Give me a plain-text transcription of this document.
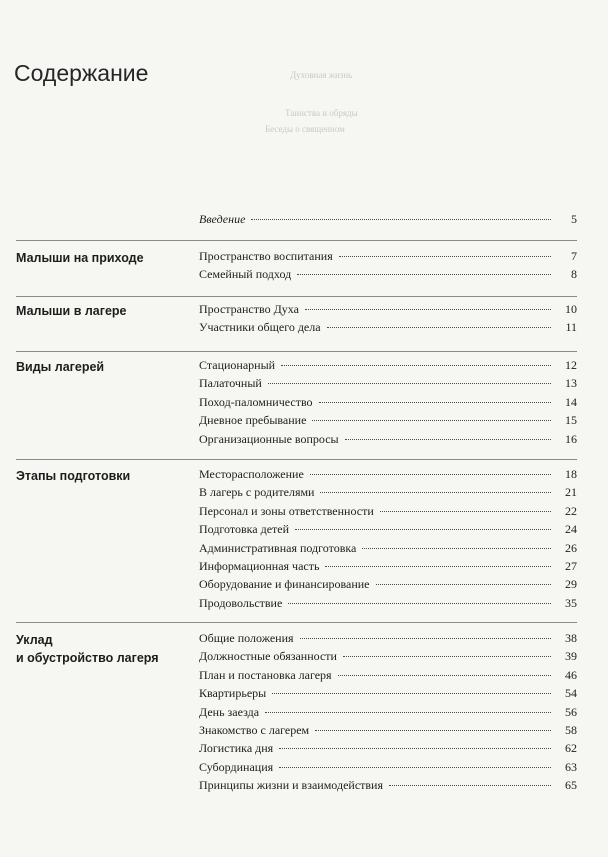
Духовная жизнь
Таинства и обряды
Беседы о священном
Содержание
Введение	5
Малыши на приходе	Пространство воспитания	7
Семейный подход	8
Малыши в лагере	Пространство Духа	10
Участники общего дела	11
Виды лагерей	Стационарный	12
Палаточный	13
Поход-паломничество	14
Дневное пребывание	15
Организационные вопросы	16
Этапы подготовки	Месторасположение	18
В лагерь с родителями	21
Персонал и зоны ответственности	22
Подготовка детей	24
Административная подготовка	26
Информационная часть	27
Оборудование и финансирование	29
Продовольствие	35
Уклад
и обустройство лагеря
Общие положения	38
Должностные обязанности	39
План и постановка лагеря	46
Квартирьеры	54
День заезда	56
Знакомство с лагерем	58
Логистика дня	62
Субординация	63
Принципы жизни и взаимодействия	65
